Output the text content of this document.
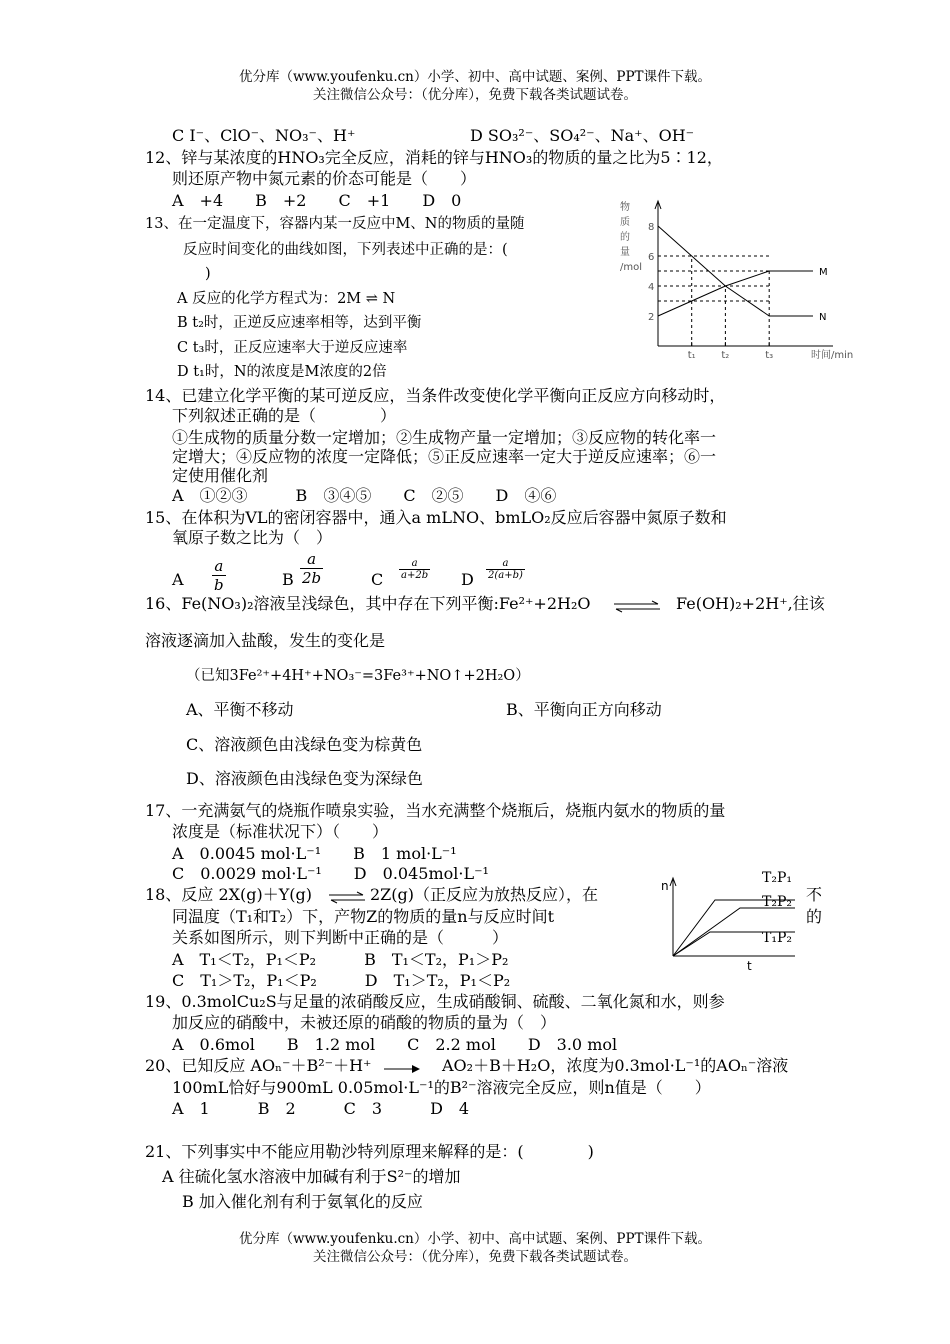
优分库（www.youfenku.cn）小学、初中、高中试题、案例、PPT课件下载。
关注微信公众号：（优分库），免费下载各类试题试卷。
C I⁻、ClO⁻、NO₃⁻、H⁺	D SO₃²⁻、SO₄²⁻、Na⁺、OH⁻
12、锌与某浓度的HNO₃完全反应，消耗的锌与HNO₃的物质的量之比为5∶12，
则还原产物中氮元素的价态可能是（　　）
A　+4　　B　+2　　C　+1　　D　0
13、在一定温度下，容器内某一反应中M、N的物质的量随
反应时间变化的曲线如图，下列表述中正确的是：(
)
A 反应的化学方程式为：2M ⇌ N
B t₂时，正逆反应速率相等，达到平衡
C t₃时，正反应速率大于逆反应速率
D t₁时，N的浓度是M浓度的2倍
物
质
的
量
/mol
2
4
6
8
t₁	t₂	t₃	时间/min
N
M
14、已建立化学平衡的某可逆反应，当条件改变使化学平衡向正反应方向移动时，
下列叙述正确的是（　　　　）
①生成物的质量分数一定增加；②生成物产量一定增加；③反应物的转化率一
定增大；④反应物的浓度一定降低；⑤正反应速率一定大于逆反应速率；⑥一
定使用催化剂
A　①②③　　　B　③④⑤　　C　②⑤　　D　④⑥
15、在体积为VL的密闭容器中，通入a mLNO、bmLO₂反应后容器中氮原子数和
氧原子数之比为（　）
A $\frac{a}{b}$	B $\frac{a}{2b}$	C $\frac{a}{a+2b}$ D $\frac{a}{2(a+b)}$
16、Fe(NO₃)₂溶液呈浅绿色，其中存在下列平衡:Fe²⁺+2H₂O	Fe(OH)₂+2H⁺,往该
溶液逐滴加入盐酸，发生的变化是
（已知3Fe²⁺+4H⁺+NO₃⁻=3Fe³⁺+NO↑+2H₂O）
A、平衡不移动	B、平衡向正方向移动
C、溶液颜色由浅绿色变为棕黄色
D、溶液颜色由浅绿色变为深绿色
17、一充满氨气的烧瓶作喷泉实验，当水充满整个烧瓶后，烧瓶内氨水的物质的量
浓度是（标准状况下）（　　）
A　0.0045 mol·L⁻¹　　B　1 mol·L⁻¹
C　0.0029 mol·L⁻¹　　D　0.045mol·L⁻¹
18、反应 2X(g)＋Y(g)	2Z(g)（正反应为放热反应），在	不
同温度（T₁和T₂）下，产物Z的物质的量n与反应时间t	的
关系如图所示，则下判断中正确的是（　　　）
A　T₁＜T₂，P₁＜P₂　　　B　T₁＜T₂，P₁＞P₂
C　T₁＞T₂，P₁＜P₂　　　D　T₁＞T₂，P₁＜P₂
n
t
T₂P₁
T₂P₂
T₁P₂
19、0.3molCu₂S与足量的浓硝酸反应，生成硝酸铜、硫酸、二氧化氮和水，则参
加反应的硝酸中，未被还原的硝酸的物质的量为（　）
A　0.6mol　　B　1.2 mol　　C　2.2 mol　　D　3.0 mol
20、已知反应 AOₙ⁻＋B²⁻＋H⁺	AO₂＋B＋H₂O，浓度为0.3mol·L⁻¹的AOₙ⁻溶液
100mL恰好与900mL 0.05mol·L⁻¹的B²⁻溶液完全反应，则n值是（　　）
A　1　　　B　2　　　C　3　　　D　4
21、下列事实中不能应用勒沙特列原理来解释的是：(　　　　)
A 往硫化氢水溶液中加碱有利于S²⁻的增加
B 加入催化剂有利于氨氧化的反应
优分库（www.youfenku.cn）小学、初中、高中试题、案例、PPT课件下载。
关注微信公众号：（优分库），免费下载各类试题试卷。
